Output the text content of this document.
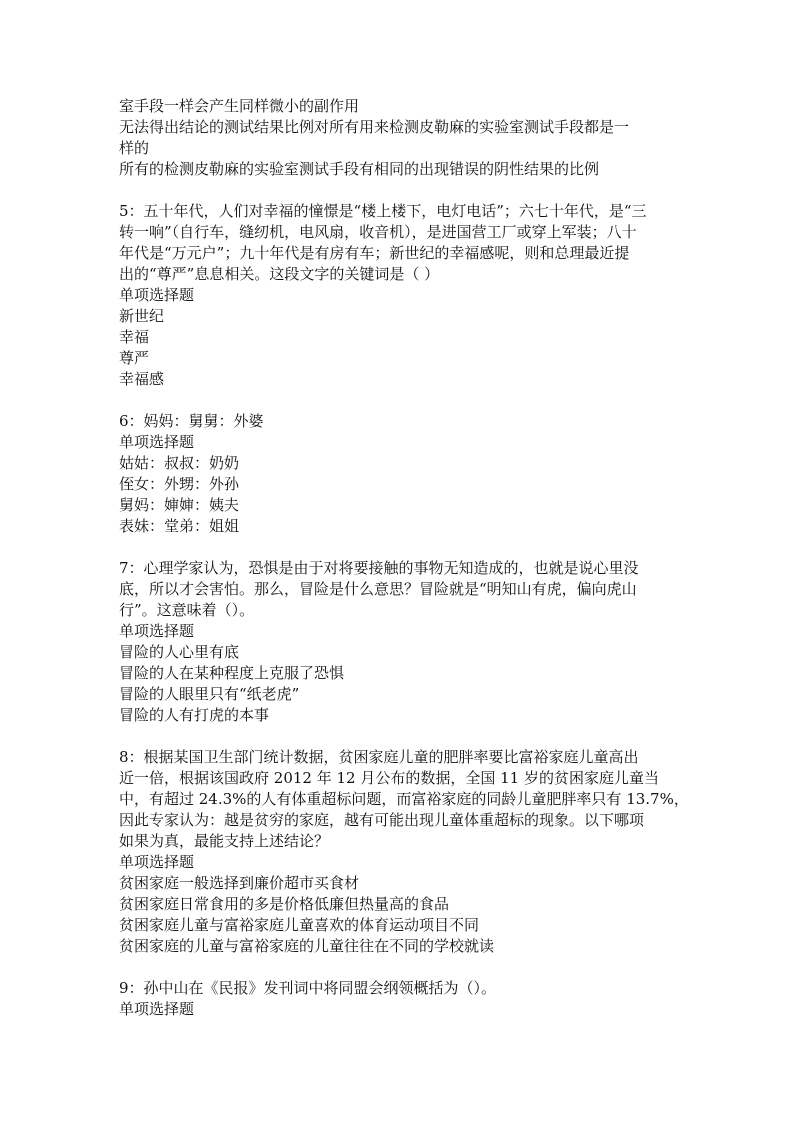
室手段一样会产生同样微小的副作用
无法得出结论的测试结果比例对所有用来检测皮勒麻的实验室测试手段都是一
样的
所有的检测皮勒麻的实验室测试手段有相同的出现错误的阴性结果的比例
5：五十年代，人们对幸福的憧憬是“楼上楼下，电灯电话”；六七十年代，是“三
转一响”（自行车，缝纫机，电风扇，收音机），是进国营工厂或穿上军装；八十
年代是“万元户”；九十年代是有房有车；新世纪的幸福感呢，则和总理最近提
出的“尊严”息息相关。这段文字的关键词是（ ）
单项选择题
新世纪
幸福
尊严
幸福感
6：妈妈：舅舅：外婆
单项选择题
姑姑：叔叔：奶奶
侄女：外甥：外孙
舅妈：婶婶：姨夫
表妹：堂弟：姐姐
7：心理学家认为，恐惧是由于对将要接触的事物无知造成的，也就是说心里没
底，所以才会害怕。那么，冒险是什么意思？冒险就是“明知山有虎，偏向虎山
行”。这意味着（）。
单项选择题
冒险的人心里有底
冒险的人在某种程度上克服了恐惧
冒险的人眼里只有“纸老虎”
冒险的人有打虎的本事
8：根据某国卫生部门统计数据，贫困家庭儿童的肥胖率要比富裕家庭儿童高出
近一倍，根据该国政府 2012 年 12 月公布的数据，全国 11 岁的贫困家庭儿童当
中，有超过 24.3%的人有体重超标问题，而富裕家庭的同龄儿童肥胖率只有 13.7%，
因此专家认为：越是贫穷的家庭，越有可能出现儿童体重超标的现象。以下哪项
如果为真，最能支持上述结论？
单项选择题
贫困家庭一般选择到廉价超市买食材
贫困家庭日常食用的多是价格低廉但热量高的食品
贫困家庭儿童与富裕家庭儿童喜欢的体育运动项目不同
贫困家庭的儿童与富裕家庭的儿童往往在不同的学校就读
9：孙中山在《民报》发刊词中将同盟会纲领概括为（）。
单项选择题
